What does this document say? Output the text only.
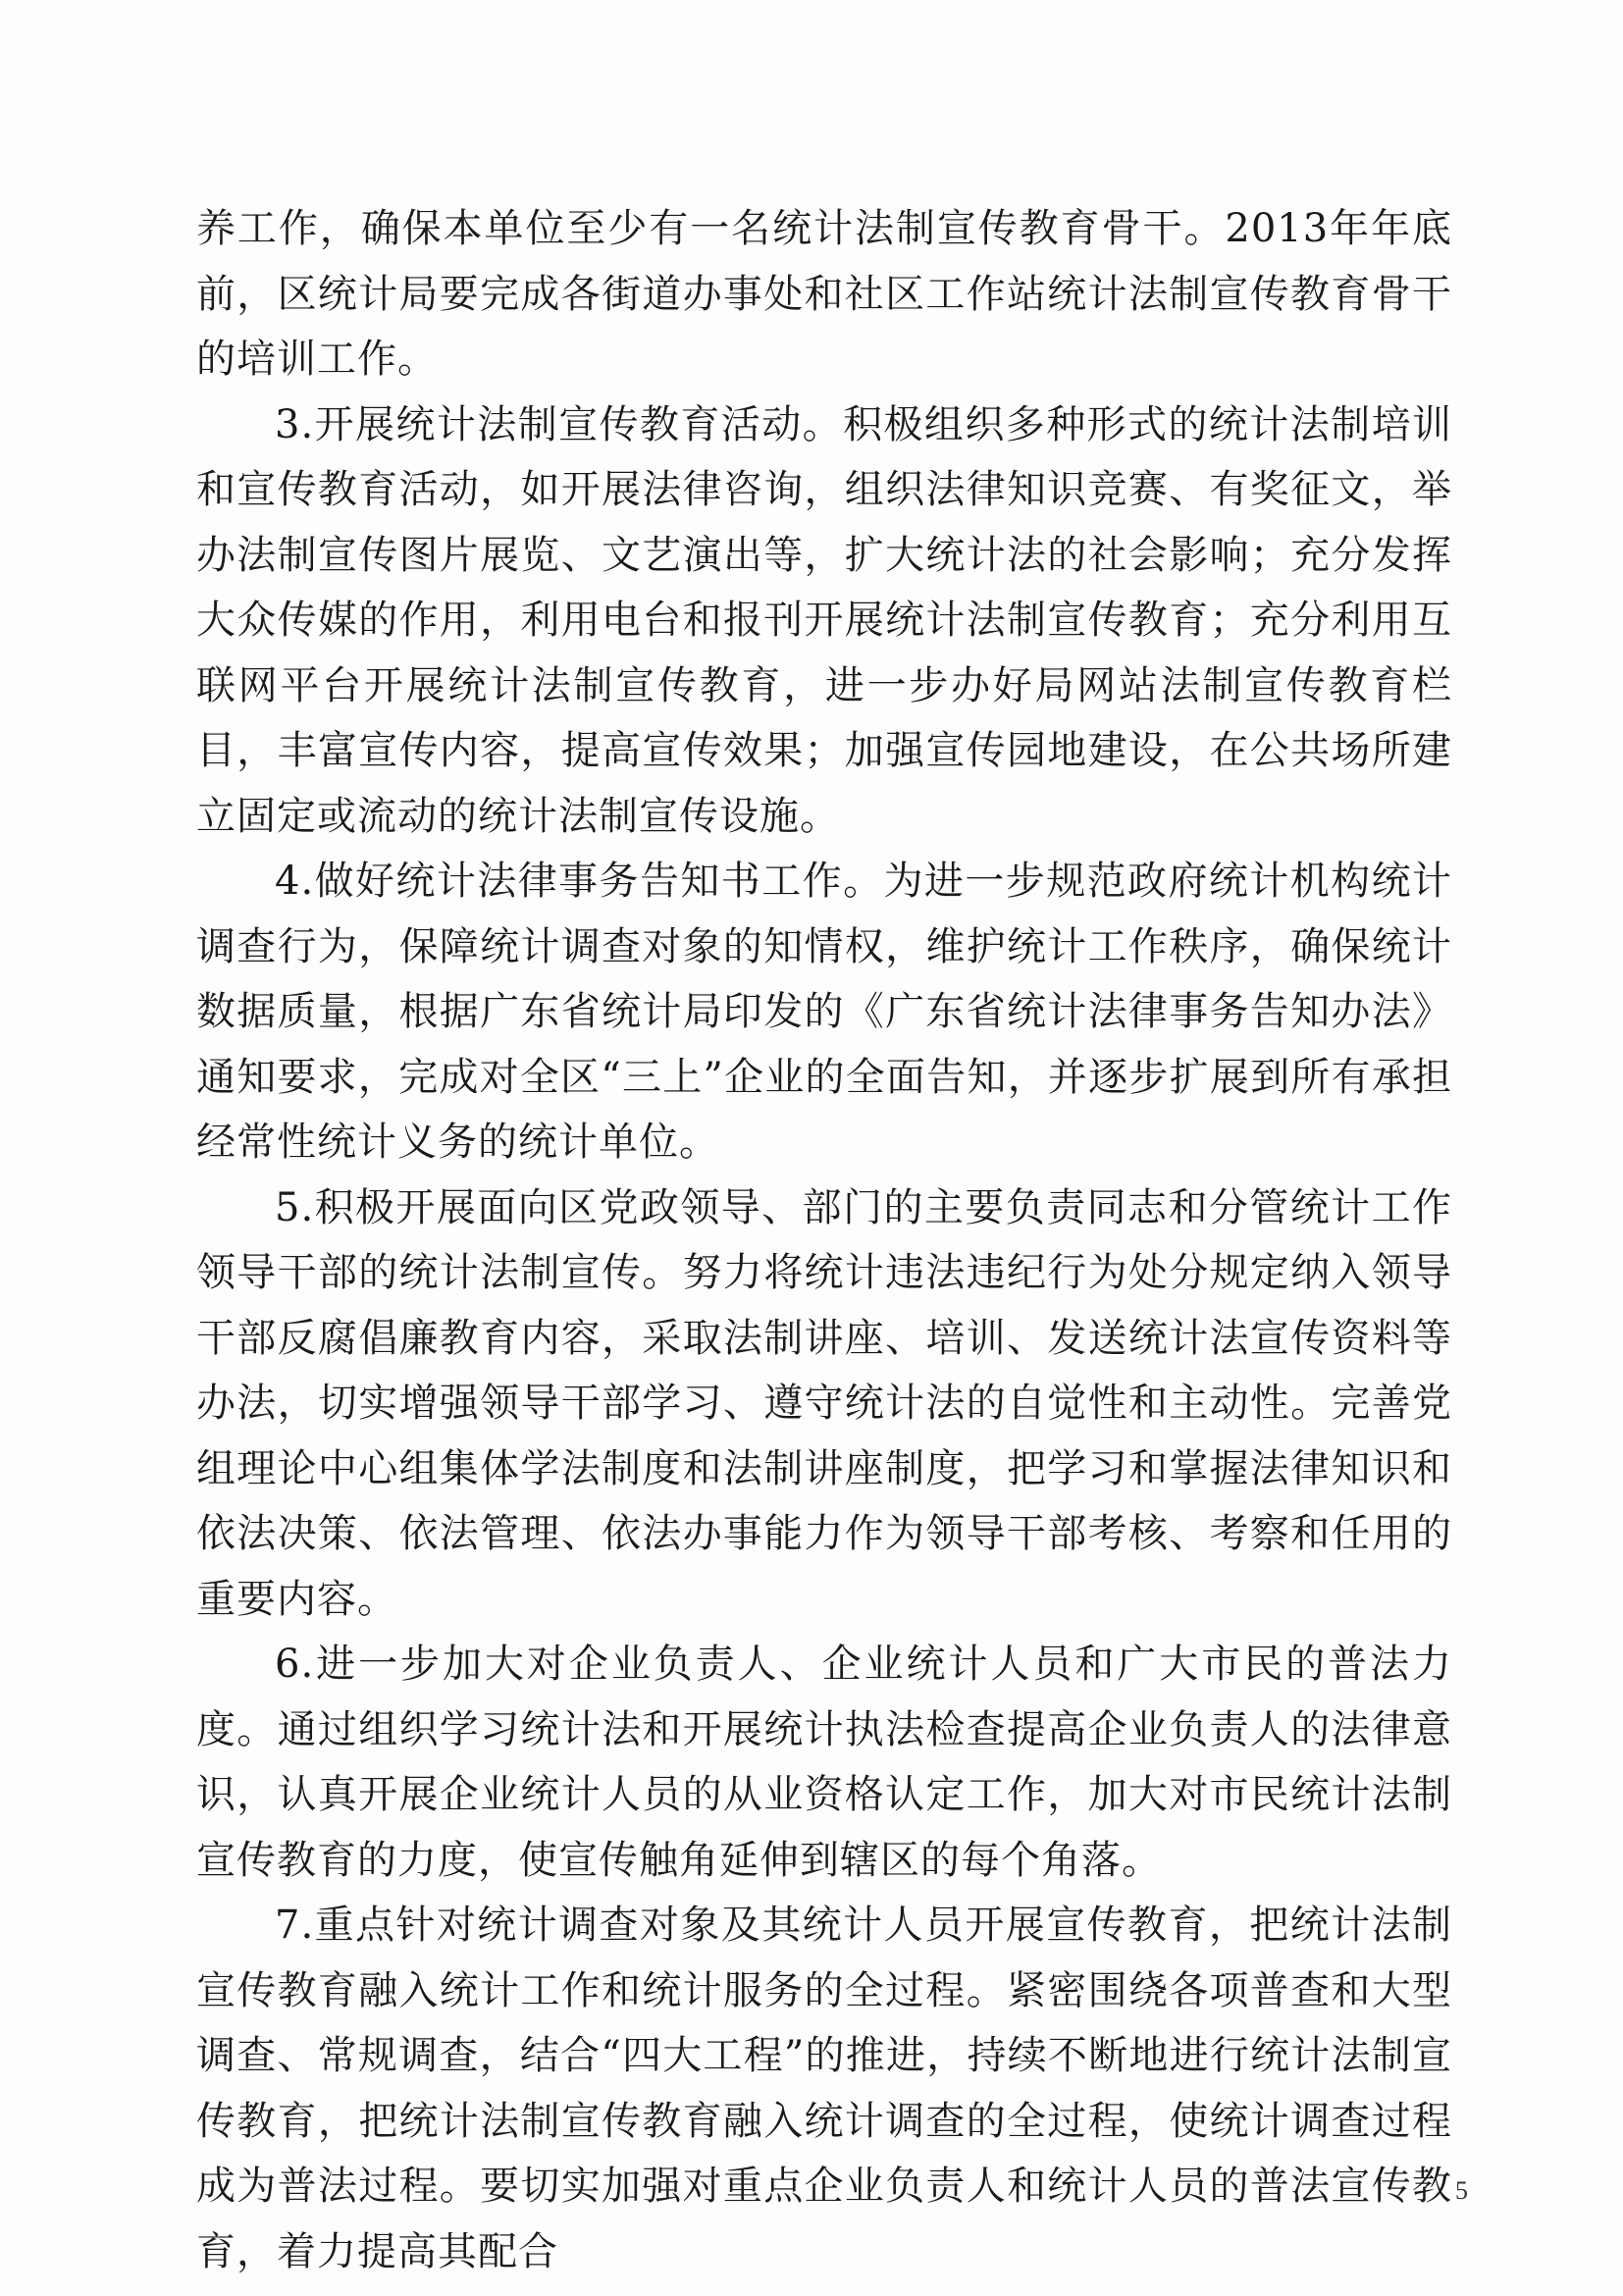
养工作，确保本单位至少有一名统计法制宣传教育骨干。2013年年底前，区统计局要完成各街道办事处和社区工作站统计法制宣传教育骨干的培训工作。

3.开展统计法制宣传教育活动。积极组织多种形式的统计法制培训和宣传教育活动，如开展法律咨询，组织法律知识竞赛、有奖征文，举办法制宣传图片展览、文艺演出等，扩大统计法的社会影响；充分发挥大众传媒的作用，利用电台和报刊开展统计法制宣传教育；充分利用互联网平台开展统计法制宣传教育，进一步办好局网站法制宣传教育栏目，丰富宣传内容，提高宣传效果；加强宣传园地建设，在公共场所建立固定或流动的统计法制宣传设施。

4.做好统计法律事务告知书工作。为进一步规范政府统计机构统计调查行为，保障统计调查对象的知情权，维护统计工作秩序，确保统计数据质量，根据广东省统计局印发的《广东省统计法律事务告知办法》通知要求，完成对全区“三上”企业的全面告知，并逐步扩展到所有承担经常性统计义务的统计单位。

5.积极开展面向区党政领导、部门的主要负责同志和分管统计工作领导干部的统计法制宣传。努力将统计违法违纪行为处分规定纳入领导干部反腐倡廉教育内容，采取法制讲座、培训、发送统计法宣传资料等办法，切实增强领导干部学习、遵守统计法的自觉性和主动性。完善党组理论中心组集体学法制度和法制讲座制度，把学习和掌握法律知识和依法决策、依法管理、依法办事能力作为领导干部考核、考察和任用的重要内容。

6.进一步加大对企业负责人、企业统计人员和广大市民的普法力度。通过组织学习统计法和开展统计执法检查提高企业负责人的法律意识，认真开展企业统计人员的从业资格认定工作，加大对市民统计法制宣传教育的力度，使宣传触角延伸到辖区的每个角落。

7.重点针对统计调查对象及其统计人员开展宣传教育，把统计法制宣传教育融入统计工作和统计服务的全过程。紧密围绕各项普查和大型调查、常规调查，结合“四大工程”的推进，持续不断地进行统计法制宣传教育，把统计法制宣传教育融入统计调查的全过程，使统计调查过程成为普法过程。要切实加强对重点企业负责人和统计人员的普法宣传教育，着力提高其配合

5
